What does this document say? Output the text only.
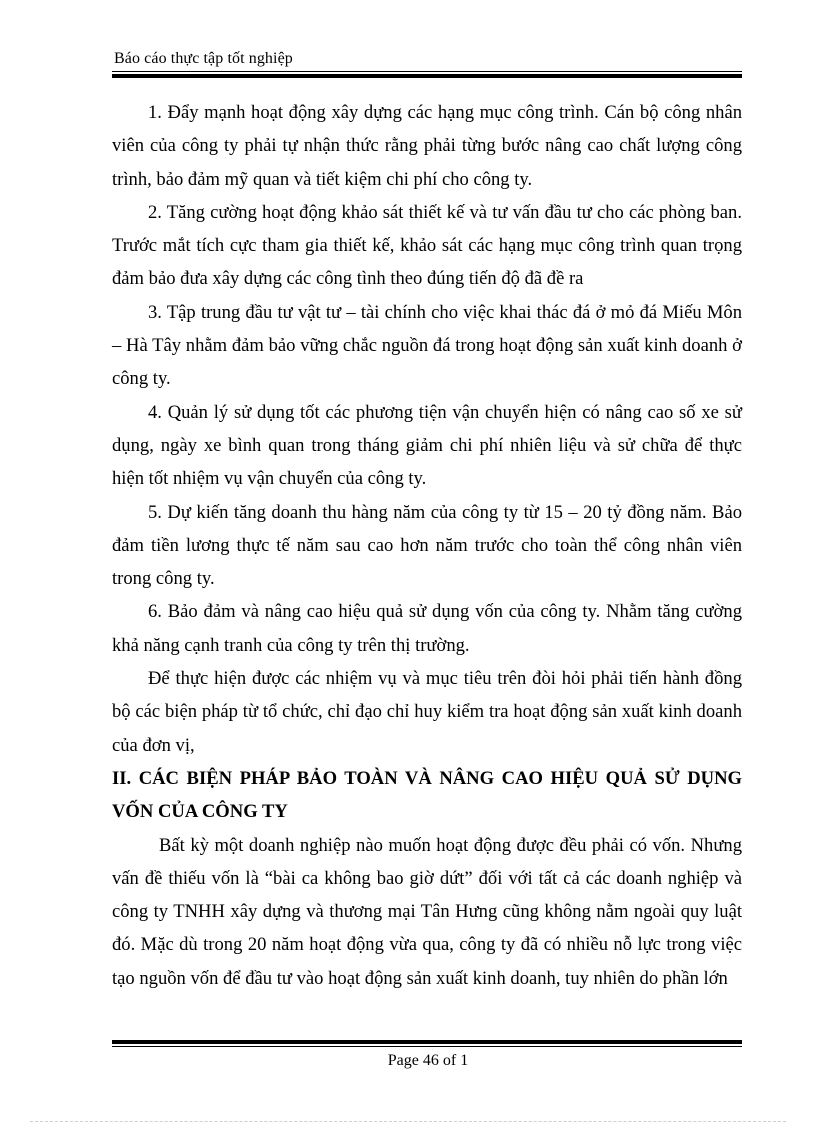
Báo cáo thực tập tốt nghiệp

1. Đẩy mạnh hoạt động xây dựng các hạng mục công trình. Cán bộ công nhân viên của công ty phải tự nhận thức rằng phải từng bước nâng cao chất lượng công trình, bảo đảm mỹ quan và tiết kiệm chi phí cho công ty.

2. Tăng cường hoạt động khảo sát thiết kế và tư vấn đầu tư cho các phòng ban. Trước mắt tích cực tham gia thiết kế, khảo sát các hạng mục công trình quan trọng đảm bảo đưa xây dựng các công tình theo đúng tiến độ đã đề ra

3. Tập trung đầu tư vật tư – tài chính cho việc khai thác đá ở mỏ đá Miếu Môn – Hà Tây nhằm đảm bảo vững chắc nguồn đá trong hoạt động sản xuất kinh doanh ở công ty.

4. Quản lý sử dụng tốt các phương tiện vận chuyển hiện có nâng cao số xe sử dụng, ngày xe bình quan trong tháng giảm chi phí nhiên liệu và sử chữa để thực hiện tốt nhiệm vụ vận chuyển của công ty.

5. Dự kiến tăng doanh thu hàng năm của công ty từ 15 – 20 tỷ đồng năm. Bảo đảm tiền lương thực tế năm sau cao hơn năm trước cho toàn thể công nhân viên trong công ty.

6. Bảo đảm và nâng cao hiệu quả sử dụng vốn của công ty. Nhằm tăng cường khả năng cạnh tranh của công ty trên thị trường.

Để thực hiện được các nhiệm vụ và mục tiêu trên đòi hỏi phải tiến hành đồng bộ các biện pháp từ tổ chức, chỉ đạo chỉ huy kiểm tra hoạt động sản xuất kinh doanh của đơn vị,

II. CÁC BIỆN PHÁP BẢO TOÀN VÀ NÂNG CAO HIỆU QUẢ SỬ DỤNG VỐN CỦA CÔNG TY

Bất kỳ một doanh nghiệp nào muốn hoạt động được đều phải có vốn. Nhưng vấn đề thiếu vốn là “bài ca không bao giờ dứt” đối với tất cả các doanh nghiệp và công ty TNHH xây dựng và thương mại Tân Hưng cũng không nằm ngoài quy luật đó. Mặc dù trong 20 năm hoạt động vừa qua, công ty đã có nhiều nỗ lực trong việc tạo nguồn vốn để đầu tư vào hoạt động sản xuất kinh doanh, tuy nhiên do phần lớn

Page 46 of 1
